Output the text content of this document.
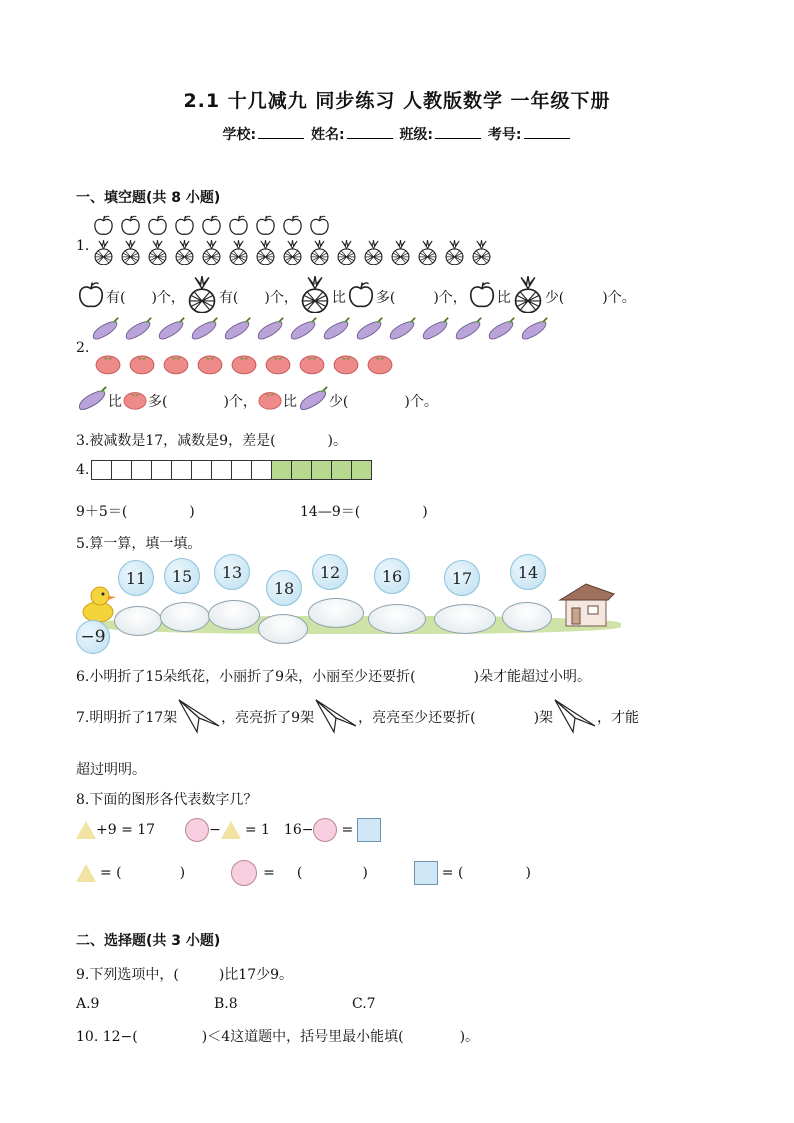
2.1 十几减九 同步练习 人教版数学 一年级下册
学校:	姓名:	班级:	考号:
一、填空题(共 8 小题)
1.
有( )个， 有( )个， 比 多(	)个， 比 少(	)个。
2.
比 多(	)个， 比 少(	)个。
3.被减数是17，减数是9，差是(	)。
4.
9＋5＝(	)	14—9＝(	)
5.算一算，填一填。
11	15	13
18
12	16	17	14
−9
6.小明折了15朵纸花，小丽折了9朵，小丽至少还要折(	)朵才能超过小明。
7.明明折了17架	，亮亮折了9架	，亮亮至少还要折(	)架	，才能
超过明明。
8.下面的图形各代表数字几？
+9 = 17	− = 1 16− =
= (	)	= (	)	= (	)
二、选择题(共 3 小题)
9.下列选项中，(	)比17少9。
A.9	B.8	C.7
10. 12−(	)＜4这道题中，括号里最小能填(	)。
